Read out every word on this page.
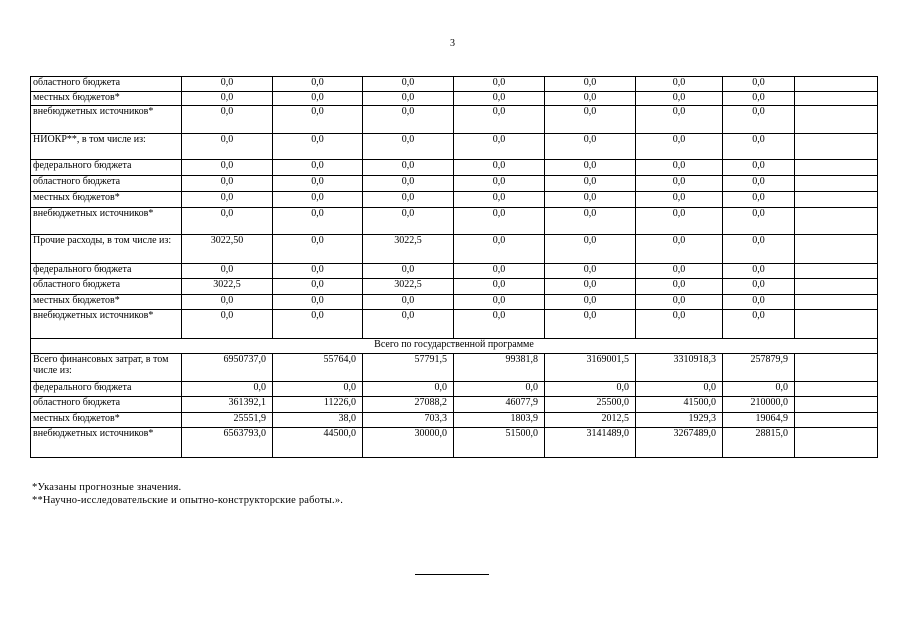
3
областного бюджета	0,0	0,0	0,0	0,0	0,0	0,0	0,0	
местных бюджетов*	0,0	0,0	0,0	0,0	0,0	0,0	0,0	
внебюджетных источников*	0,0	0,0	0,0	0,0	0,0	0,0	0,0	
НИОКР**, в том числе из:	0,0	0,0	0,0	0,0	0,0	0,0	0,0	
федерального бюджета	0,0	0,0	0,0	0,0	0,0	0,0	0,0	
областного бюджета	0,0	0,0	0,0	0,0	0,0	0,0	0,0	
местных бюджетов*	0,0	0,0	0,0	0,0	0,0	0,0	0,0	
внебюджетных источников*	0,0	0,0	0,0	0,0	0,0	0,0	0,0	
Прочие расходы, в том числе из:	3022,50	0,0	3022,5	0,0	0,0	0,0	0,0	
федерального бюджета	0,0	0,0	0,0	0,0	0,0	0,0	0,0	
областного бюджета	3022,5	0,0	3022,5	0,0	0,0	0,0	0,0	
местных бюджетов*	0,0	0,0	0,0	0,0	0,0	0,0	0,0	
внебюджетных источников*	0,0	0,0	0,0	0,0	0,0	0,0	0,0	
Всего по государственной программе								
Всего финансовых затрат, в том числе из:	6950737,0	55764,0	57791,5	99381,8	3169001,5	3310918,3	257879,9	
федерального бюджета	0,0	0,0	0,0	0,0	0,0	0,0	0,0	
областного бюджета	361392,1	11226,0	27088,2	46077,9	25500,0	41500,0	210000,0	
местных бюджетов*	25551,9	38,0	703,3	1803,9	2012,5	1929,3	19064,9	
внебюджетных источников*	6563793,0	44500,0	30000,0	51500,0	3141489,0	3267489,0	28815,0	
*Указаны прогнозные значения.
**Научно-исследовательские и опытно-конструкторские работы.».
